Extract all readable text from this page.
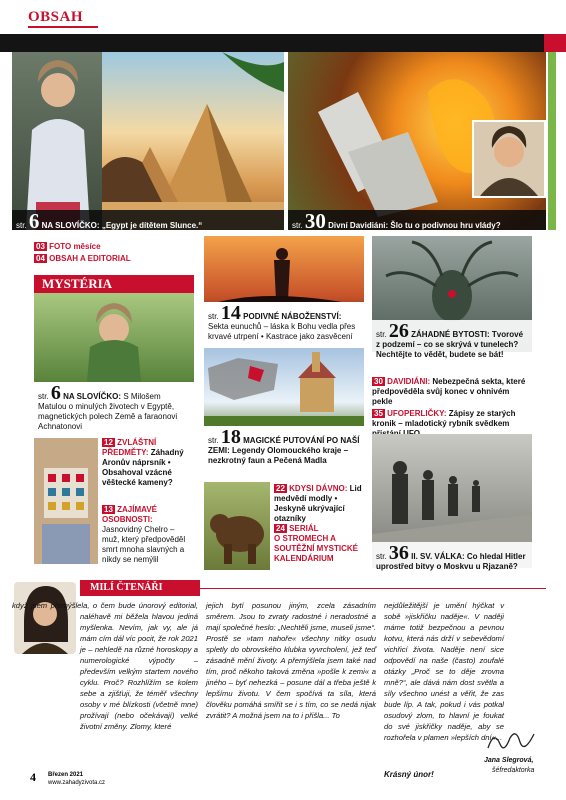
OBSAH
str. 6 NA SLOVÍČKO: „Egypt je dítětem Slunce.“	str. 30 Divní Davidiáni: Šlo tu o podivnou hru vlády?
03 FOTO měsíce
04 OBSAH A EDITORIAL
MYSTÉRIA
str. 6 NA SLOVÍČKO: S Milošem Matulou o minulých životech v Egyptě, magnetických polech Země a faraonovi Achnatonovi
12 ZVLÁŠTNÍ PŘEDMĚTY: Záhadný Aronův náprsník • Obsahoval vzácné věštecké kameny?
13 ZAJÍMAVÉ OSOBNOSTI: Jasnovidný Chelro – muž, který předpověděl smrt mnoha slavných a nikdy se nemýlil
str. 14 PODIVNÉ NÁBOŽENSTVÍ: Sekta eunuchů – láska k Bohu vedla přes krvavé utrpení • Kastrace jako zasvěcení
str. 18 MAGICKÉ PUTOVÁNÍ PO NAŠÍ ZEMI: Legendy Olomouckého kraje – nezkrotný faun a Pečená Madla
22 KDYSI DÁVNO: Lid medvědí modly • Jeskyně ukrývající otazníky
24 SERIÁL
O STROMECH A SOUTĚŽNÍ MYSTICKÉ KALENDÁRIUM
str. 26 ZÁHADNÉ BYTOSTI: Tvorové z podzemí – co se skrývá v tunelech? Nechtějte to vědět, budete se bát!
30 DAVIDIÁNI: Nebezpečná sekta, které předpověděla svůj konec v ohnivém pekle
35 UFOPERLIČKY: Zápisy ze starých kronik – mladotický rybník svědkem
str. 36 II. SV. VÁLKA: Co hledal Hitler uprostřed bitvy o Moskvu u Rjazaně?
MILÍ ČTENÁŘI
když jsem přemýšlela, o čem bude únorový editorial, naléhavě mi běžela hlavou jediná myšlenka. Nevím, jak vy, ale já mám cím dál víc pocit, že rok 2021 je – nehledě na různé horoskopy a numerologické výpočty – především velkým startem nového cyklu. Proč? Rozhlížím se kolem sebe a zjišťuji, že téměř všechny osoby v mé blízkosti (včetně mne) prožívají (nebo očekávají) velké životní změny. Zlomy, které
jejich bytí posunou jiným, zcela zásadním směrem. Jsou to zvraty radostné i neradostné a mají společné heslo: „Nechtěli jsme, museli jsme“. Prostě se »tam nahoře« všechny nitky osudu spletly do obrovského klubka vyvrcholení, jež teď zásadně mění životy. A přemýšlela jsem také nad tím, proč někoho taková změna »pošle k zemi« a jiného – byť nehezká – posune dál a třeba ještě k lepšímu životu. V čem spočívá ta síla, která člověku pomáhá smířit se i s tím, co se nedá nijak zvrátit? A možná jsem na to i přišla... To
nejdůležitější je umění hýčkat v sobě »jiskřičku naděje«. V naději máme totiž bezpečnou a pevnou kotvu, která nás drží v sebevědomí vichřicí života. Naděje není sice odpovědí na naše (často) zoufalé otázky „Proč se to děje zrovna mně?“, ale dává nám dost světla a síly všechno unést a věřit, že zas bude líp. A tak, pokud i vás potkal osudový zlom, to hlavní je foukat do své jiskřičky naděje, aby se rozhořela v plamen »lepších dní«...
Krásný únor!
Jana Slegrová,
šéfredaktorka
4 Březen 2021
www.zahadyzivota.cz
